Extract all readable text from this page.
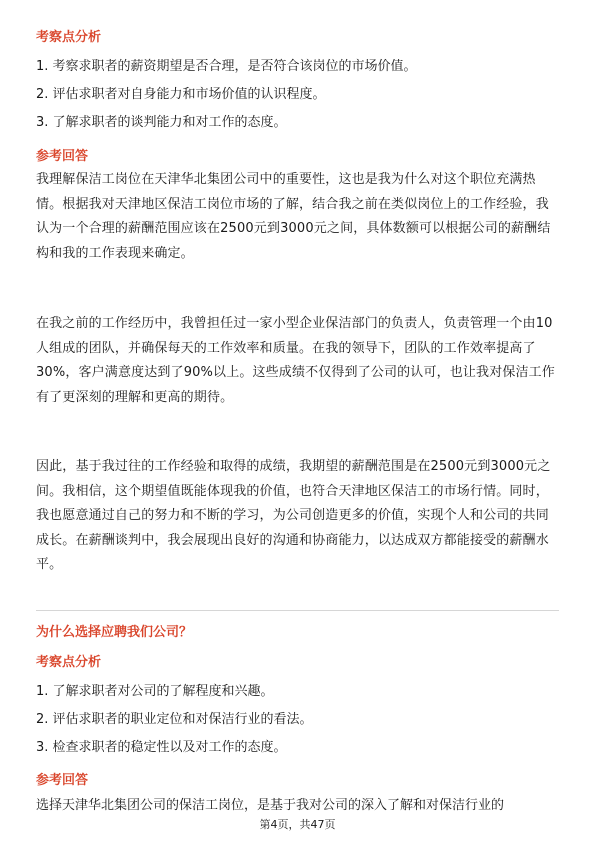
考察点分析
1. 考察求职者的薪资期望是否合理，是否符合该岗位的市场价值。
2. 评估求职者对自身能力和市场价值的认识程度。
3. 了解求职者的谈判能力和对工作的态度。
参考回答
我理解保洁工岗位在天津华北集团公司中的重要性，这也是我为什么对这个职位充满热情。根据我对天津地区保洁工岗位市场的了解，结合我之前在类似岗位上的工作经验，我认为一个合理的薪酬范围应该在2500元到3000元之间，具体数额可以根据公司的薪酬结构和我的工作表现来确定。
在我之前的工作经历中，我曾担任过一家小型企业保洁部门的负责人，负责管理一个由10人组成的团队，并确保每天的工作效率和质量。在我的领导下，团队的工作效率提高了30%，客户满意度达到了90%以上。这些成绩不仅得到了公司的认可，也让我对保洁工作有了更深刻的理解和更高的期待。
因此，基于我过往的工作经验和取得的成绩，我期望的薪酬范围是在2500元到3000元之间。我相信，这个期望值既能体现我的价值，也符合天津地区保洁工的市场行情。同时，我也愿意通过自己的努力和不断的学习，为公司创造更多的价值，实现个人和公司的共同成长。在薪酬谈判中，我会展现出良好的沟通和协商能力，以达成双方都能接受的薪酬水平。
为什么选择应聘我们公司？
考察点分析
1. 了解求职者对公司的了解程度和兴趣。
2. 评估求职者的职业定位和对保洁行业的看法。
3. 检查求职者的稳定性以及对工作的态度。
参考回答
选择天津华北集团公司的保洁工岗位，是基于我对公司的深入了解和对保洁行业的
第4页，共47页
